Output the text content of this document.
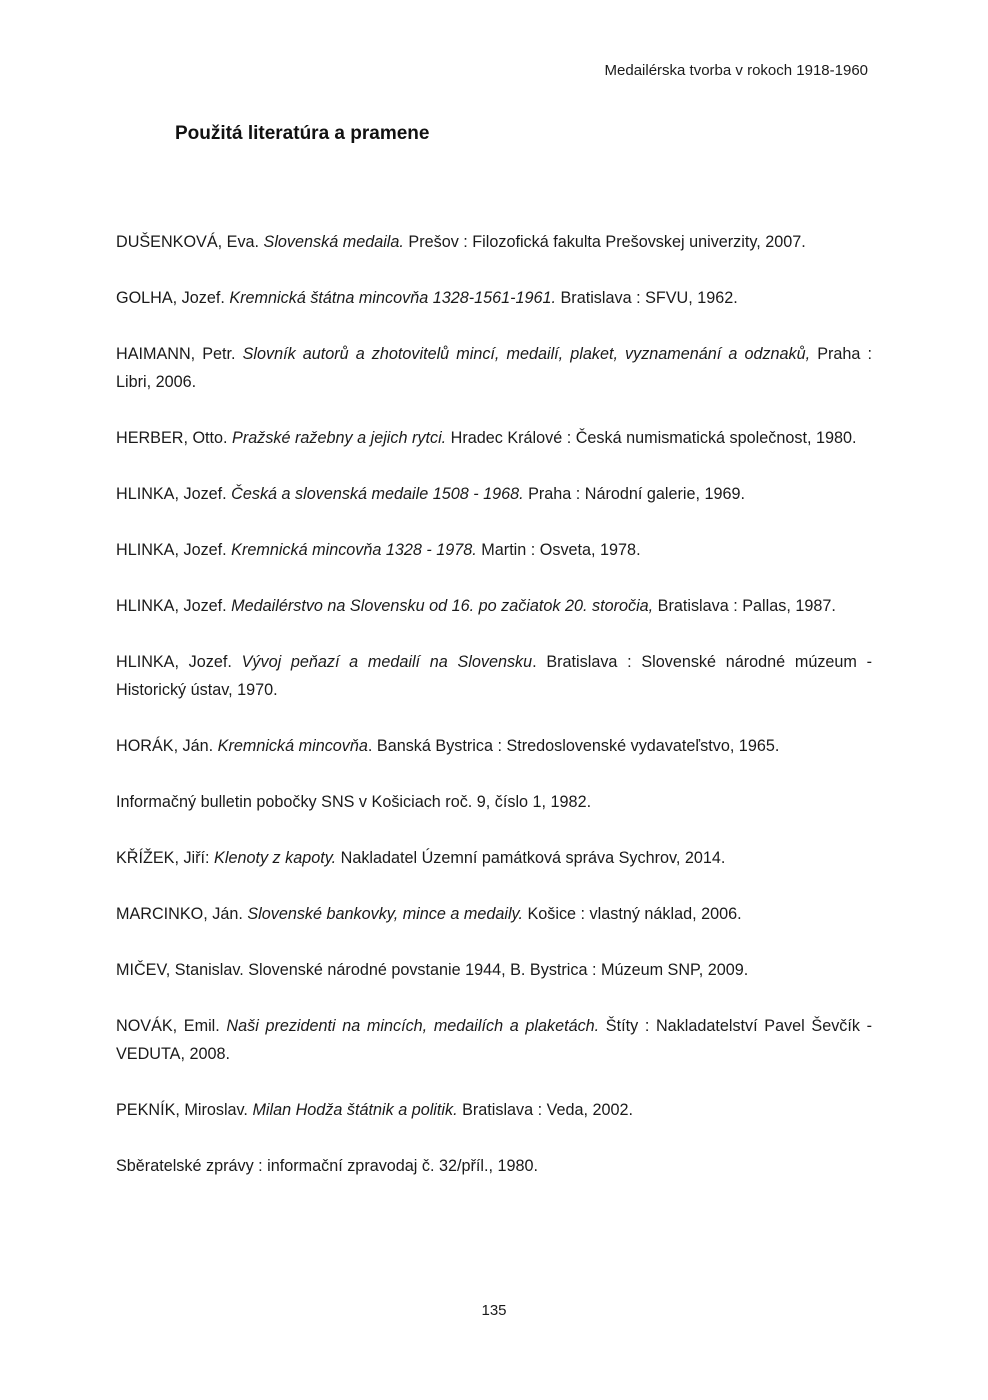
Medailérska tvorba v rokoch 1918-1960
Použitá literatúra a pramene
DUŠENKOVÁ, Eva. Slovenská medaila. Prešov : Filozofická fakulta Prešovskej univerzity, 2007.
GOLHA, Jozef. Kremnická štátna mincovňa 1328-1561-1961. Bratislava : SFVU, 1962.
HAIMANN, Petr. Slovník autorů a zhotovitelů mincí, medailí, plaket, vyznamenání a odznaků, Praha : Libri, 2006.
HERBER, Otto. Pražské ražebny a jejich rytci. Hradec Králové : Česká numismatická společnost, 1980.
HLINKA, Jozef. Česká a slovenská medaile 1508 - 1968. Praha : Národní galerie, 1969.
HLINKA, Jozef. Kremnická mincovňa 1328 - 1978. Martin : Osveta, 1978.
HLINKA, Jozef. Medailérstvo na Slovensku od 16. po začiatok 20. storočia, Bratislava : Pallas, 1987.
HLINKA, Jozef. Vývoj peňazí a medailí na Slovensku. Bratislava : Slovenské národné múzeum - Historický ústav, 1970.
HORÁK, Ján. Kremnická mincovňa. Banská Bystrica : Stredoslovenské vydavateľstvo, 1965.
Informačný bulletin pobočky SNS v Košiciach roč. 9, číslo 1, 1982.
KŘÍŽEK, Jiří: Klenoty z kapoty. Nakladatel Územní památková správa Sychrov, 2014.
MARCINKO, Ján. Slovenské bankovky, mince a medaily. Košice : vlastný náklad, 2006.
MIČEV, Stanislav. Slovenské národné povstanie 1944, B. Bystrica : Múzeum SNP, 2009.
NOVÁK, Emil. Naši prezidenti na mincích, medailích a plaketách. Štíty : Nakladatelství Pavel Ševčík - VEDUTA, 2008.
PEKNÍK, Miroslav. Milan Hodža štátnik a politik. Bratislava : Veda, 2002.
Sběratelské zprávy : informační zpravodaj č. 32/příl., 1980.
135
